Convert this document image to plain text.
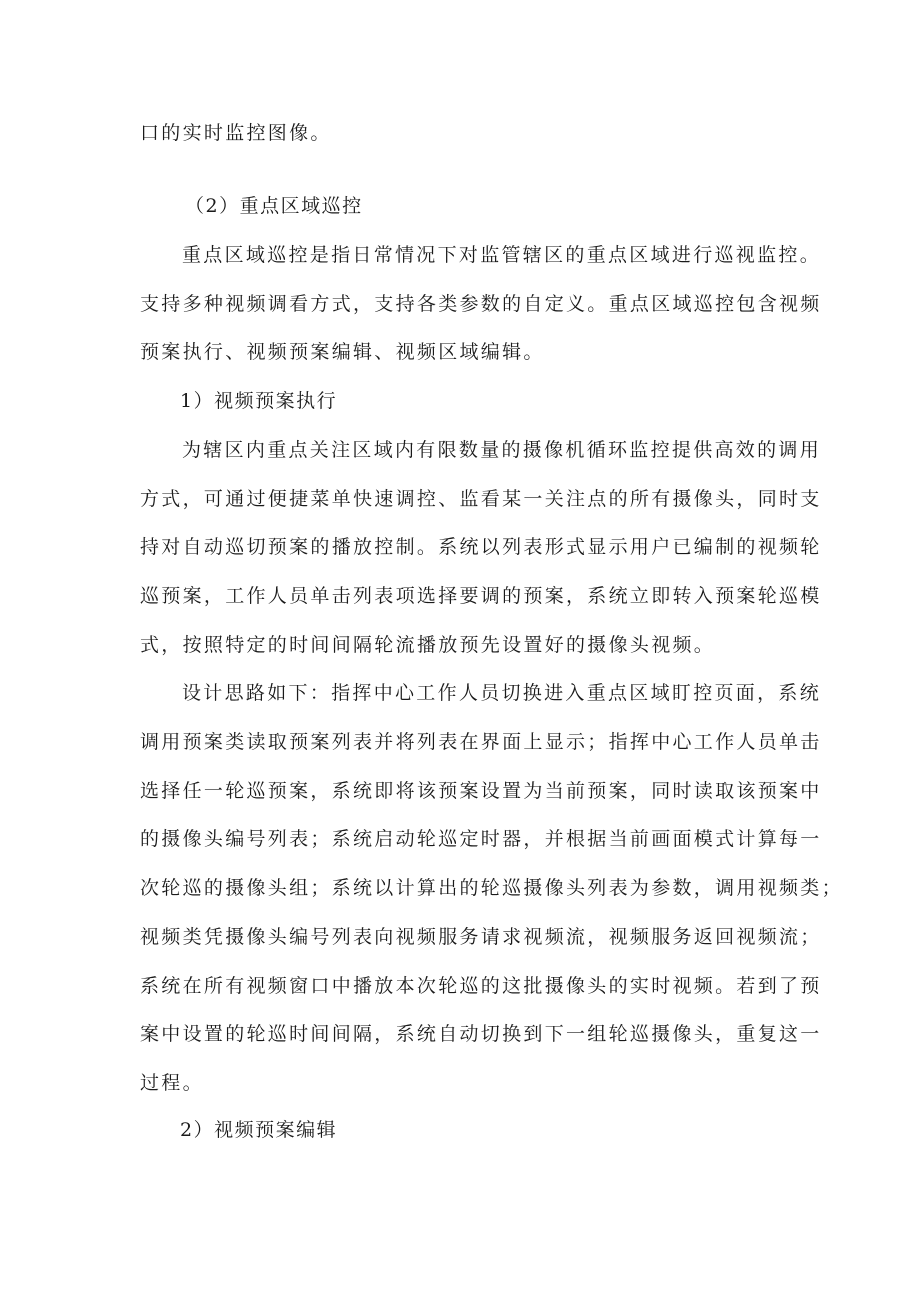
口的实时监控图像。
（2）重点区域巡控
重点区域巡控是指日常情况下对监管辖区的重点区域进行巡视监控。
支持多种视频调看方式，支持各类参数的自定义。重点区域巡控包含视频
预案执行、视频预案编辑、视频区域编辑。
1）视频预案执行
为辖区内重点关注区域内有限数量的摄像机循环监控提供高效的调用
方式，可通过便捷菜单快速调控、监看某一关注点的所有摄像头，同时支
持对自动巡切预案的播放控制。系统以列表形式显示用户已编制的视频轮
巡预案，工作人员单击列表项选择要调的预案，系统立即转入预案轮巡模
式，按照特定的时间间隔轮流播放预先设置好的摄像头视频。
设计思路如下：指挥中心工作人员切换进入重点区域盯控页面，系统
调用预案类读取预案列表并将列表在界面上显示；指挥中心工作人员单击
选择任一轮巡预案，系统即将该预案设置为当前预案，同时读取该预案中
的摄像头编号列表；系统启动轮巡定时器，并根据当前画面模式计算每一
次轮巡的摄像头组；系统以计算出的轮巡摄像头列表为参数，调用视频类；
视频类凭摄像头编号列表向视频服务请求视频流，视频服务返回视频流；
系统在所有视频窗口中播放本次轮巡的这批摄像头的实时视频。若到了预
案中设置的轮巡时间间隔，系统自动切换到下一组轮巡摄像头，重复这一
过程。
2）视频预案编辑
